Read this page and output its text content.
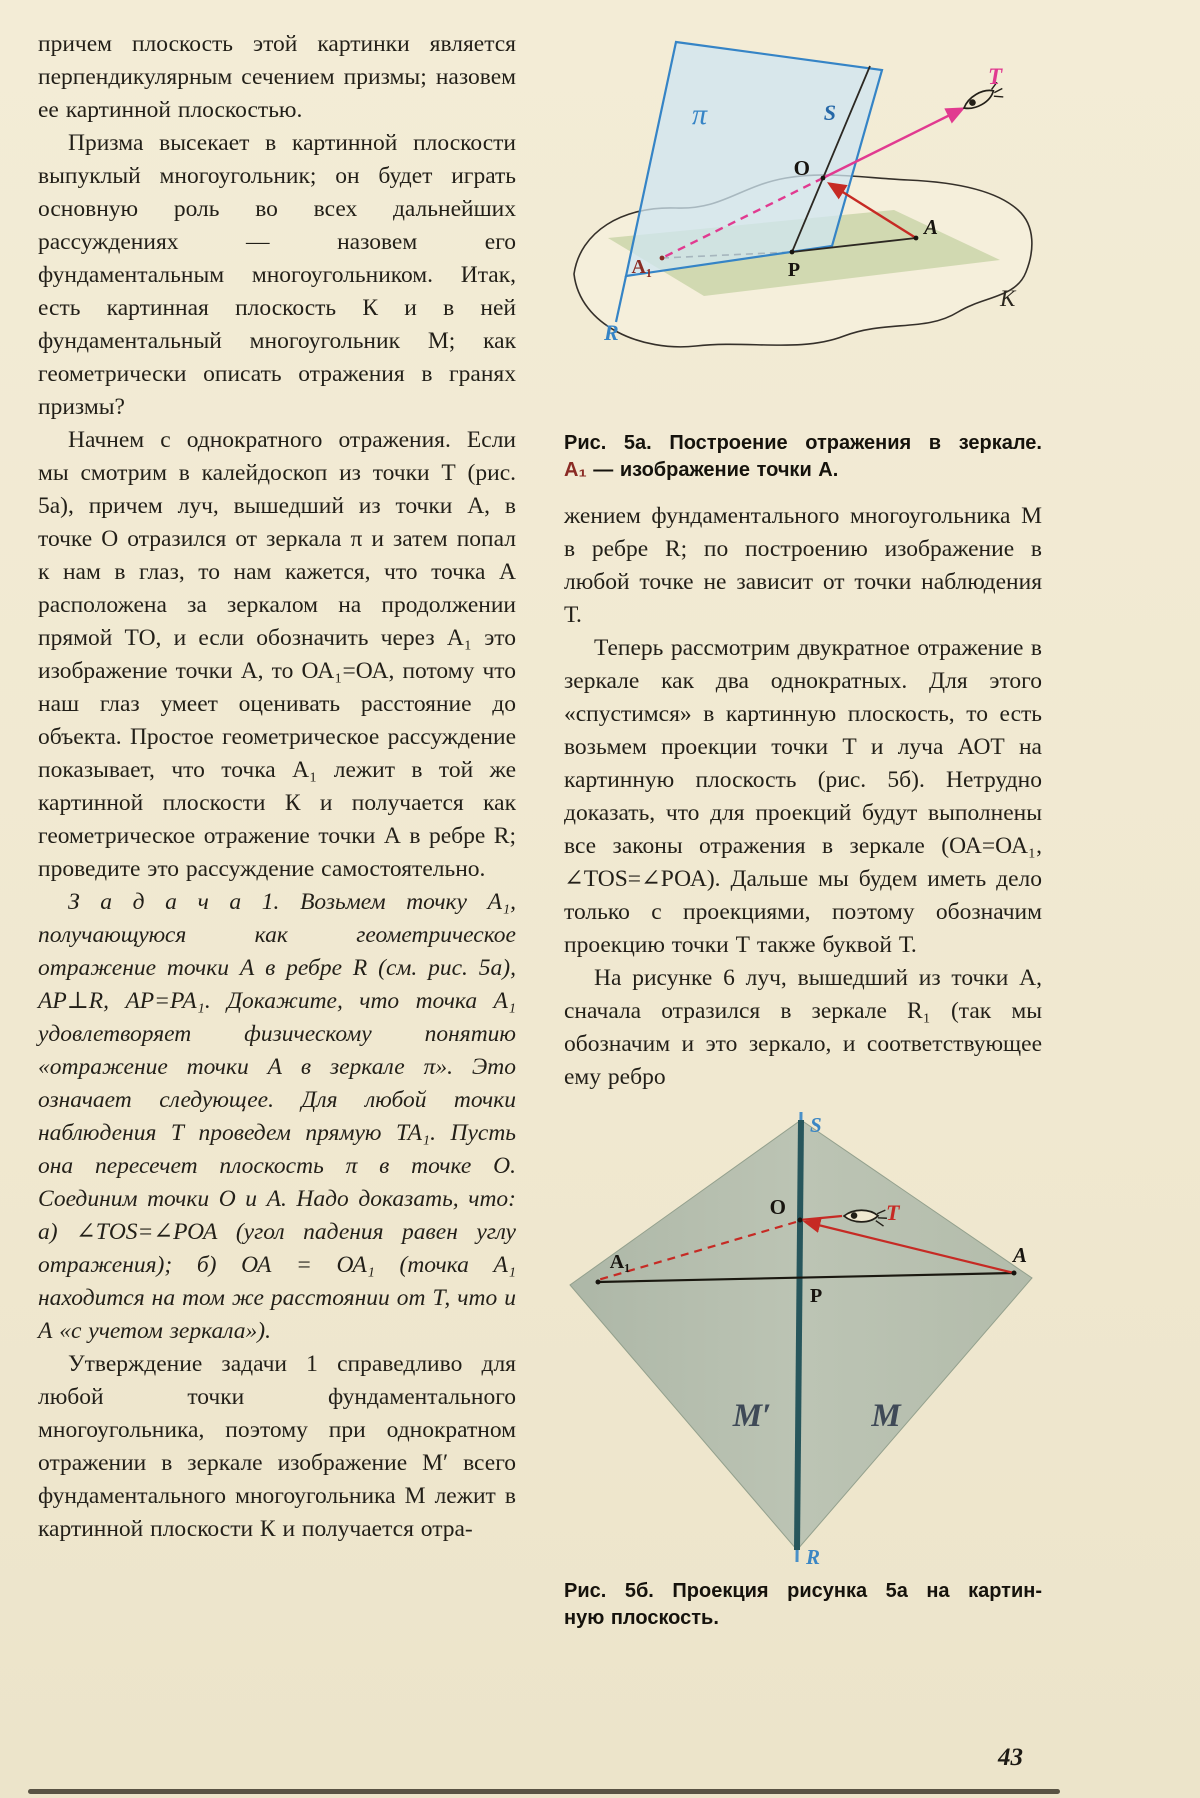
причем плоскость этой картинки является перпендикулярным сечением призмы; назовем ее картинной плоскостью.

Призма высекает в картинной плоскости выпуклый многоугольник; он будет играть основную роль во всех дальнейших рассуждениях — назовем его фундаментальным многоугольником. Итак, есть картинная плоскость К и в ней фундаментальный многоугольник М; как геометрически описать отражения в гранях призмы?

Начнем с однократного отражения. Если мы смотрим в калейдоскоп из точки Т (рис. 5а), причем луч, вышедший из точки А, в точке О отразился от зеркала π и затем попал к нам в глаз, то нам кажется, что точка А расположена за зеркалом на продолжении прямой ТО, и если обозначить через А₁ это изображение точки А, то ОА₁=ОА, потому что наш глаз умеет оценивать расстояние до объекта. Простое геометрическое рассуждение показывает, что точка А₁ лежит в той же картинной плоскости К и получается как геометрическое отражение точки А в ребре R; проведите это рассуждение самостоятельно.

З а д а ч а 1. Возьмем точку А₁, получающуюся как геометрическое отражение точки А в ребре R (см. рис. 5а), АР⊥R, АР=РА₁. Докажите, что точка А₁ удовлетворяет физическому понятию «отражение точки А в зеркале π». Это означает следующее. Для любой точки наблюдения Т проведем прямую ТА₁. Пусть она пересечет плоскость π в точке О. Соединим точки О и А. Надо доказать, что: а) ∠ТОS=∠РОА (угол падения равен углу отражения); б) ОА = ОА₁ (точка А₁ находится на том же расстоянии от Т, что и А «с учетом зеркала»).

Утверждение задачи 1 справедливо для любой точки фундаментального многоугольника, поэтому при однократном отражении в зеркале изображение М′ всего фундаментального многоугольника М лежит в картинной плоскости К и получается отра-

π	S
T
O
А₁	Р
А
R
К
Рис. 5а. Построение отражения в зеркале.
А₁ — изображение точки А.

жением фундаментального многоугольника М в ребре R; по построению изображение в любой точке не зависит от точки наблюдения Т.

Теперь рассмотрим двукратное отражение в зеркале как два однократных. Для этого «спустимся» в картинную плоскость, то есть возьмем проекции точки Т и луча АОТ на картинную плоскость (рис. 5б). Нетрудно доказать, что для проекций будут выполнены все законы отражения в зеркале (ОА=ОА₁, ∠ТОS=∠РОА). Дальше мы будем иметь дело только с проекциями, поэтому обозначим проекцию точки Т также буквой Т.

На рисунке 6 луч, вышедший из точки А, сначала отразился в зеркале R₁ (так мы обозначим и это зеркало, и соответствующее ему ребро

S
R
O	Т
А₁	А
Р
М′	М
Рис. 5б. Проекция рисунка 5а на картин-
ную плоскость.
43
